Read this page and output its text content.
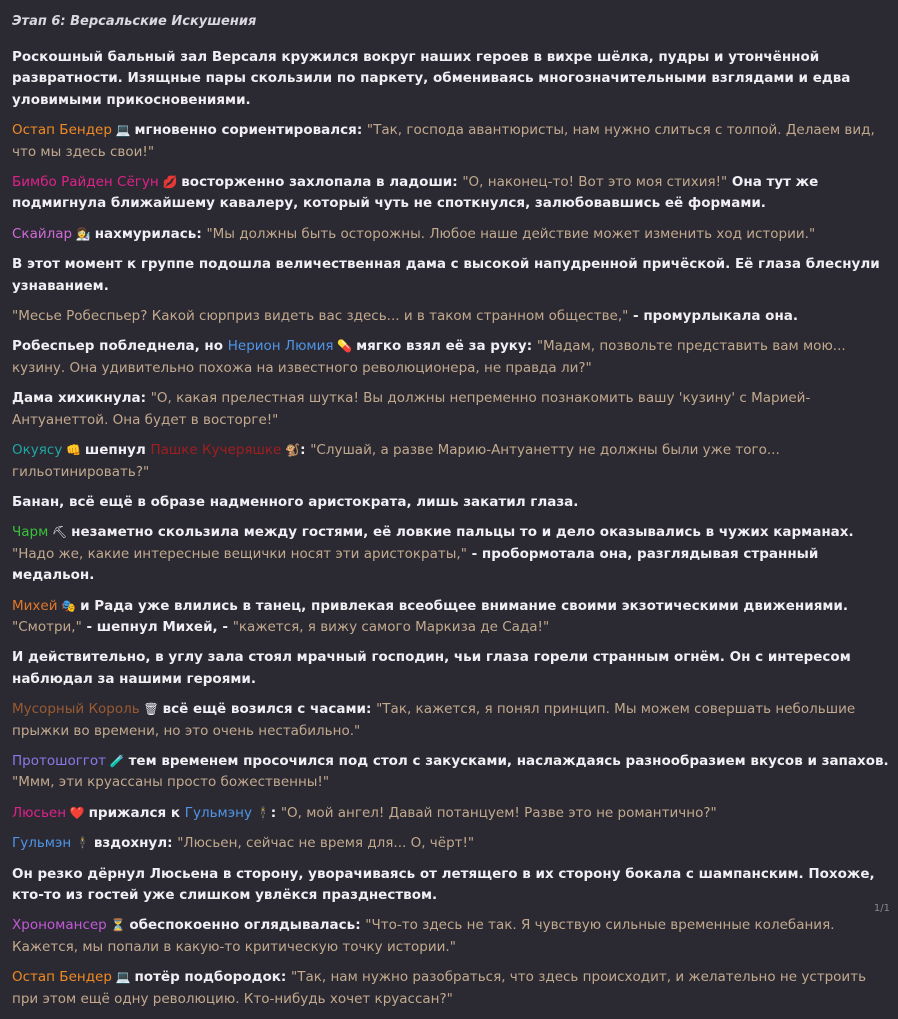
Этап 6: Версальские Искушения
Роскошный бальный зал Версаля кружился вокруг наших героев в вихре шёлка, пудры и утончённой развратности. Изящные пары скользили по паркету, обмениваясь многозначительными взглядами и едва уловимыми прикосновениями.
Остап Бендер 💻 мгновенно сориентировался: "Так, господа авантюристы, нам нужно слиться с толпой. Делаем вид, что мы здесь свои!"
Бимбо Райден Сёгун 💋 восторженно захлопала в ладоши: "О, наконец-то! Вот это моя стихия!" Она тут же подмигнула ближайшему кавалеру, который чуть не споткнулся, залюбовавшись её формами.
Скайлар 👩‍🔬 нахмурилась: "Мы должны быть осторожны. Любое наше действие может изменить ход истории."
В этот момент к группе подошла величественная дама с высокой напудренной причёской. Её глаза блеснули узнаванием.
"Месье Робеспьер? Какой сюрприз видеть вас здесь... и в таком странном обществе," - промурлыкала она.
Робеспьер побледнела, но Нерион Люмия 💊 мягко взял её за руку: "Мадам, позвольте представить вам мою... кузину. Она удивительно похожа на известного революционера, не правда ли?"
Дама хихикнула: "О, какая прелестная шутка! Вы должны непременно познакомить вашу 'кузину' с Марией-Антуанеттой. Она будет в восторге!"
Окуясу 👊 шепнул Пашке Кучеряшке 🐒: "Слушай, а разве Марию-Антуанетту не должны были уже того... гильотинировать?"
Банан, всё ещё в образе надменного аристократа, лишь закатил глаза.
Чарм ⛏ незаметно скользила между гостями, её ловкие пальцы то и дело оказывались в чужих карманах. "Надо же, какие интересные вещички носят эти аристократы," - пробормотала она, разглядывая странный медальон.
Михей 🎭 и Рада уже влились в танец, привлекая всеобщее внимание своими экзотическими движениями. "Смотри," - шепнул Михей, - "кажется, я вижу самого Маркиза де Сада!"
И действительно, в углу зала стоял мрачный господин, чьи глаза горели странным огнём. Он с интересом наблюдал за нашими героями.
Мусорный Король 🗑 всё ещё возился с часами: "Так, кажется, я понял принцип. Мы можем совершать небольшие прыжки во времени, но это очень нестабильно."
Протошоггот 🧪 тем временем просочился под стол с закусками, наслаждаясь разнообразием вкусов и запахов. "Ммм, эти круассаны просто божественны!"
Люсьен ❤️ прижался к Гульмэну 🕴: "О, мой ангел! Давай потанцуем! Разве это не романтично?"
Гульмэн 🕴 вздохнул: "Люсьен, сейчас не время для... О, чёрт!"
Он резко дёрнул Люсьена в сторону, уворачиваясь от летящего в их сторону бокала с шампанским. Похоже, кто-то из гостей уже слишком увлёкся празднеством.
Хрономансер ⏳ обеспокоенно оглядывалась: "Что-то здесь не так. Я чувствую сильные временные колебания. Кажется, мы попали в какую-то критическую точку истории."
Остап Бендер 💻 потёр подбородок: "Так, нам нужно разобраться, что здесь происходит, и желательно не устроить при этом ещё одну революцию. Кто-нибудь хочет круассан?"
1/1
